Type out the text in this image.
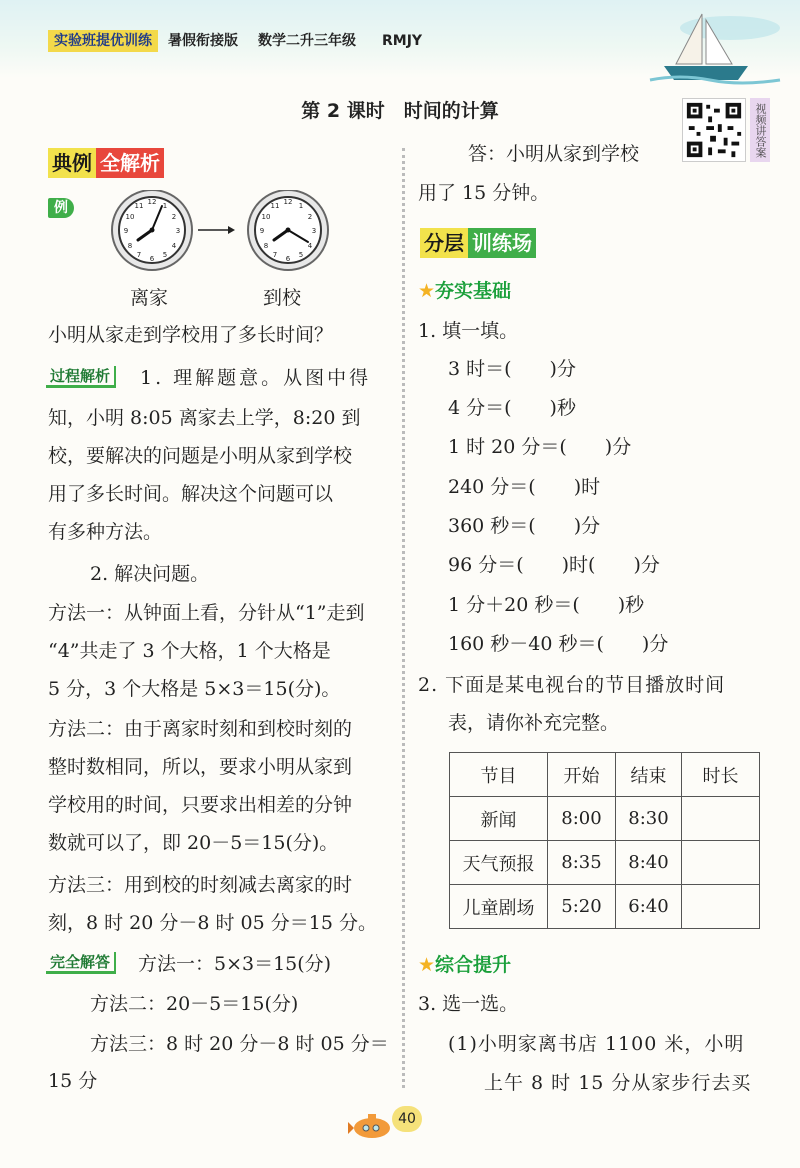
实验班提优训练	暑假衔接版 数学二升三年级 RMJY
第 2 课时　时间的计算	视频讲答案
典例 全解析
例	12
3
6
9
1
2
4
5
7
8
10
11	12
3
6
9
1
2
4
5
7
8
10
11
离家	到校
小明从家走到学校用了多长时间？
过程解析	1. 理解题意。从图中得
知，小明 8:05 离家去上学，8:20 到
校，要解决的问题是小明从家到学校
用了多长时间。解决这个问题可以
有多种方法。
2. 解决问题。
方法一：从钟面上看，分针从“1”走到
“4”共走了 3 个大格，1 个大格是
5 分，3 个大格是 5×3＝15(分)。
方法二：由于离家时刻和到校时刻的
整时数相同，所以，要求小明从家到
学校用的时间，只要求出相差的分钟
数就可以了，即 20－5＝15(分)。
方法三：用到校的时刻减去离家的时
刻，8 时 20 分－8 时 05 分＝15 分。
完全解答	方法一：5×3＝15(分)
方法二：20－5＝15(分)
方法三：8 时 20 分－8 时 05 分＝
15 分
答：小明从家到学校
用了 15 分钟。
分层 训练场
★夯实基础
1. 填一填。
3 时＝(　　)分
4 分＝(　　)秒
1 时 20 分＝(　　)分
240 分＝(　　)时
360 秒＝(　　)分
96 分＝(　　)时(　　)分
1 分＋20 秒＝(　　)秒
160 秒－40 秒＝(　　)分
2. 下面是某电视台的节目播放时间
表，请你补充完整。
节目	开始	结束	时长
新闻	8:00	8:30	
天气预报	8:35	8:40	
儿童剧场	5:20	6:40	
★综合提升
3. 选一选。
(1)小明家离书店 1100 米，小明
上午 8 时 15 分从家步行去买
40
